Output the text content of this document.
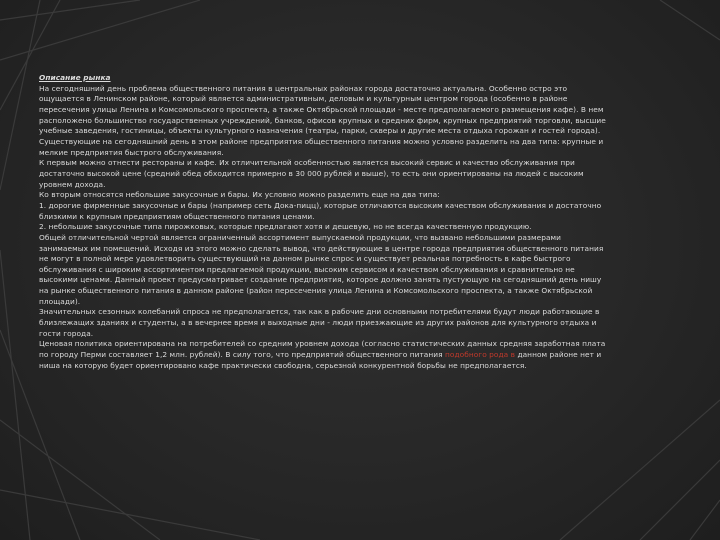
Описание рынка

На сегодняшний день проблема общественного питания в центральных районах города достаточно актуальна. Особенно остро это ощущается в Ленинском районе, который является административным, деловым и культурным центром города (особенно в районе пересечения улицы Ленина и Комсомольского проспекта, а также Октябрьской площади - месте предполагаемого размещения кафе). В нем расположено большинство государственных учреждений, банков, офисов крупных и средних фирм, крупных предприятий торговли, высшие учебные заведения, гостиницы, объекты культурного назначения (театры, парки, скверы и другие места отдыха горожан и гостей города). Существующие на сегодняшний день в этом районе предприятия общественного питания можно условно разделить на два типа: крупные и мелкие предприятия быстрого обслуживания.

К первым можно отнести рестораны и кафе. Их отличительной особенностью является высокий сервис и качество обслуживания при достаточно высокой цене (средний обед обходится примерно в 30 000 рублей и выше), то есть они ориентированы на людей с высоким уровнем дохода.

Ко вторым относятся небольшие закусочные и бары. Их условно можно разделить еще на два типа:

1. дорогие фирменные закусочные и бары (например сеть Дока-пицц), которые отличаются высоким качеством обслуживания и достаточно близкими к крупным предприятиям общественного питания ценами.

2. небольшие закусочные типа пирожковых, которые предлагают хотя и дешевую, но не всегда качественную продукцию.

Общей отличительной чертой является ограниченный ассортимент выпускаемой продукции, что вызвано небольшими размерами занимаемых им помещений. Исходя из этого можно сделать вывод, что действующие в центре города предприятия общественного питания не могут в полной мере удовлетворить существующий на данном рынке спрос и существует реальная потребность в кафе быстрого обслуживания с широким ассортиментом предлагаемой продукции, высоким сервисом и качеством обслуживания и сравнительно не высокими ценами. Данный проект предусматривает создание предприятия, которое должно занять пустующую на сегодняшний день нишу на рынке общественного питания в данном районе (район пересечения улица Ленина и Комсомольского проспекта, а также Октябрьской площади).

Значительных сезонных колебаний спроса не предполагается, так как в рабочие дни основными потребителями будут люди работающие в близлежащих зданиях и студенты, а в вечернее время и выходные дни - люди приезжающие из других районов для культурного отдыха и гости города.

Ценовая политика ориентирована на потребителей со средним уровнем дохода (согласно статистических данных средняя заработная плата по городу Перми составляет 1,2 млн. рублей). В силу того, что предприятий общественного питания подобного рода в данном районе нет и ниша на которую будет ориентировано кафе практически свободна, серьезной конкурентной борьбы не предполагается.
